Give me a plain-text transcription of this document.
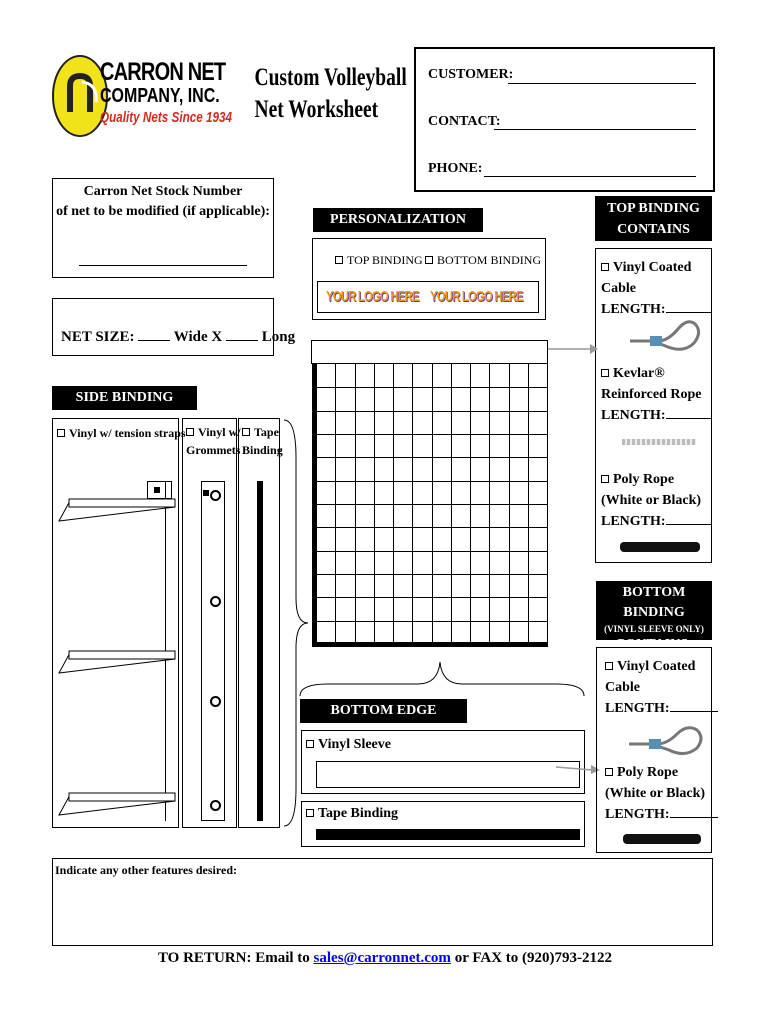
CARRON NET
COMPANY, INC.
Quality Nets Since 1934
Custom Volleyball
Net Worksheet
CUSTOMER:
CONTACT:
PHONE:
Carron Net Stock Number
of net to be modified (if applicable):
NET SIZE:	Wide X	Long
PERSONALIZATION OPTION
TOP BINDING	BOTTOM BINDING
YOUR LOGO HERE YOUR LOGO HERE
TOP BINDING
CONTAINS
Vinyl Coated
Cable
LENGTH:
Kevlar®
Reinforced Rope
LENGTH:
Poly Rope
(White or Black)
LENGTH:
SIDE BINDING OPTIONS
Vinyl w/ tension straps	Vinyl w/
Grommets
Tape
Binding
BOTTOM EDGE OPTIONS
Vinyl Sleeve
Tape Binding
BOTTOM BINDING
(VINYL SLEEVE ONLY)
CONTAINS:
Vinyl Coated
Cable
LENGTH:
Poly Rope
(White or Black)
LENGTH:
Indicate any other features desired:
TO RETURN: Email to sales@carronnet.com or FAX to (920)793-2122
